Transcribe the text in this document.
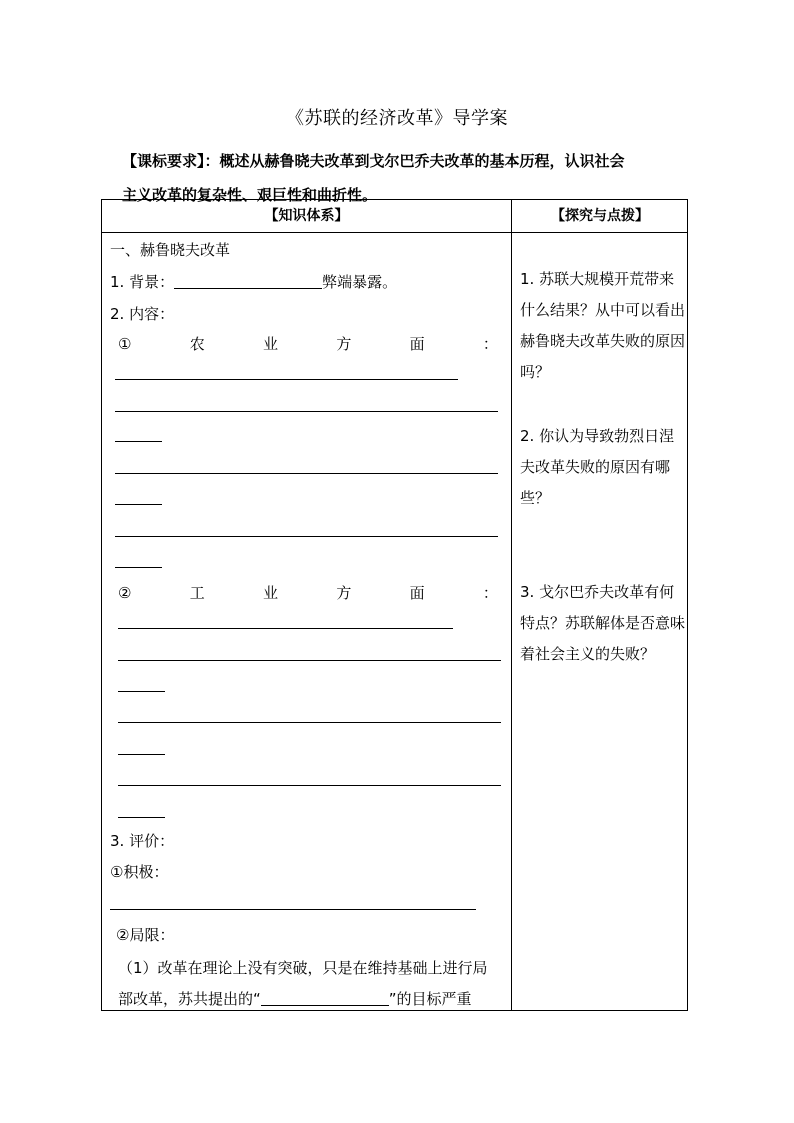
《苏联的经济改革》导学案
【课标要求】：概述从赫鲁晓夫改革到戈尔巴乔夫改革的基本历程，认识社会
主义改革的复杂性、艰巨性和曲折性。
【知识体系】	【探究与点拨】
一、赫鲁晓夫改革
1. 背景：	弊端暴露。
2. 内容：
①	农	业	方	面	：
②	工	业	方	面	：
3. 评价：
①积极：
②局限：
（1）改革在理论上没有突破，只是在维持基础上进行局
部改革，苏共提出的“	”的目标严重
1. 苏联大规模开荒带来什么结果？从中可以看出赫鲁晓夫改革失败的原因吗？
2. 你认为导致勃烈日涅夫改革失败的原因有哪些？
3. 戈尔巴乔夫改革有何特点？苏联解体是否意味着社会主义的失败？
